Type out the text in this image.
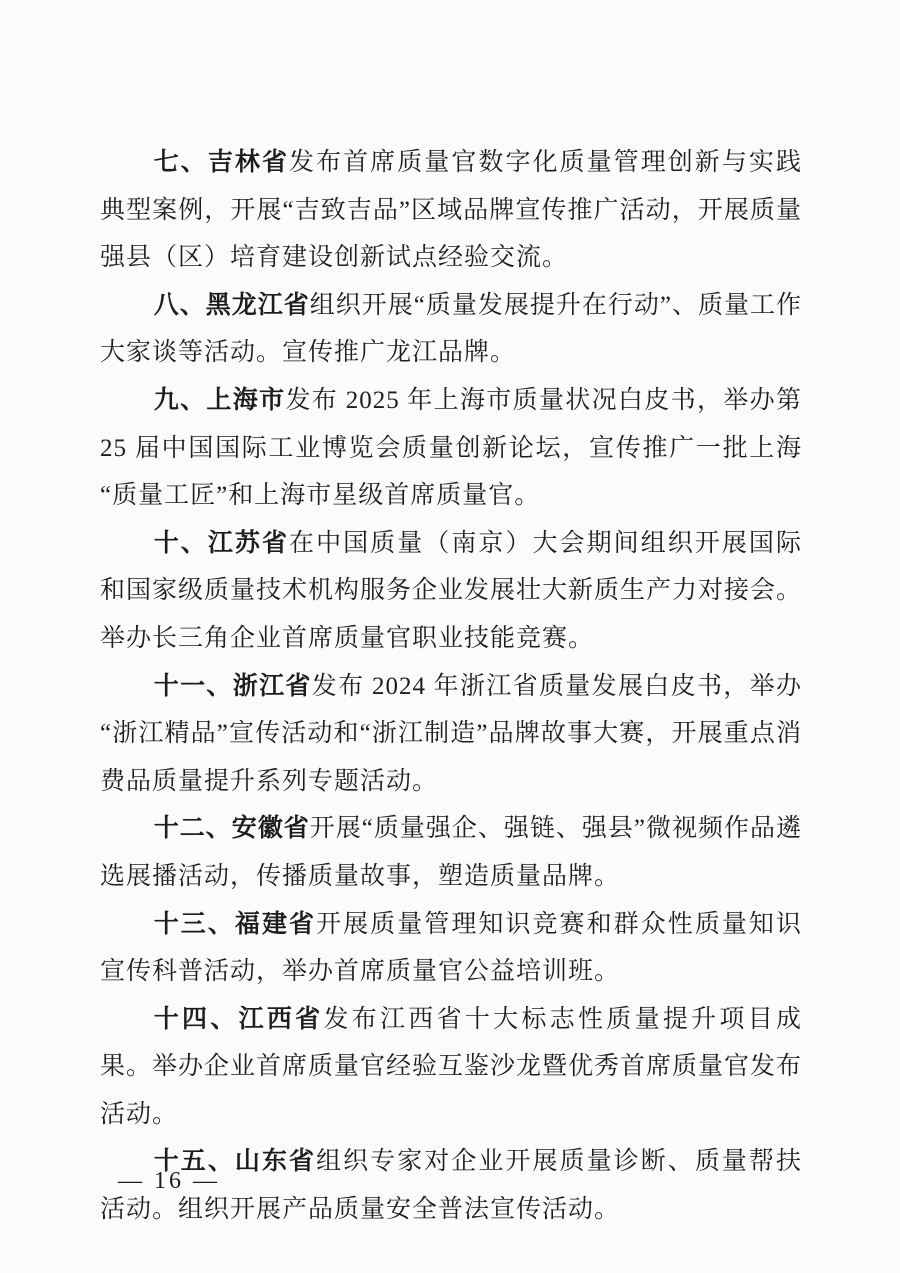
七、吉林省发布首席质量官数字化质量管理创新与实践典型案例，开展“吉致吉品”区域品牌宣传推广活动，开展质量强县（区）培育建设创新试点经验交流。

八、黑龙江省组织开展“质量发展提升在行动”、质量工作大家谈等活动。宣传推广龙江品牌。

九、上海市发布 2025 年上海市质量状况白皮书，举办第 25 届中国国际工业博览会质量创新论坛，宣传推广一批上海“质量工匠”和上海市星级首席质量官。

十、江苏省在中国质量（南京）大会期间组织开展国际和国家级质量技术机构服务企业发展壮大新质生产力对接会。举办长三角企业首席质量官职业技能竞赛。

十一、浙江省发布 2024 年浙江省质量发展白皮书，举办“浙江精品”宣传活动和“浙江制造”品牌故事大赛，开展重点消费品质量提升系列专题活动。

十二、安徽省开展“质量强企、强链、强县”微视频作品遴选展播活动，传播质量故事，塑造质量品牌。

十三、福建省开展质量管理知识竞赛和群众性质量知识宣传科普活动，举办首席质量官公益培训班。

十四、江西省发布江西省十大标志性质量提升项目成果。举办企业首席质量官经验互鉴沙龙暨优秀首席质量官发布活动。

十五、山东省组织专家对企业开展质量诊断、质量帮扶活动。组织开展产品质量安全普法宣传活动。

— 16 —
